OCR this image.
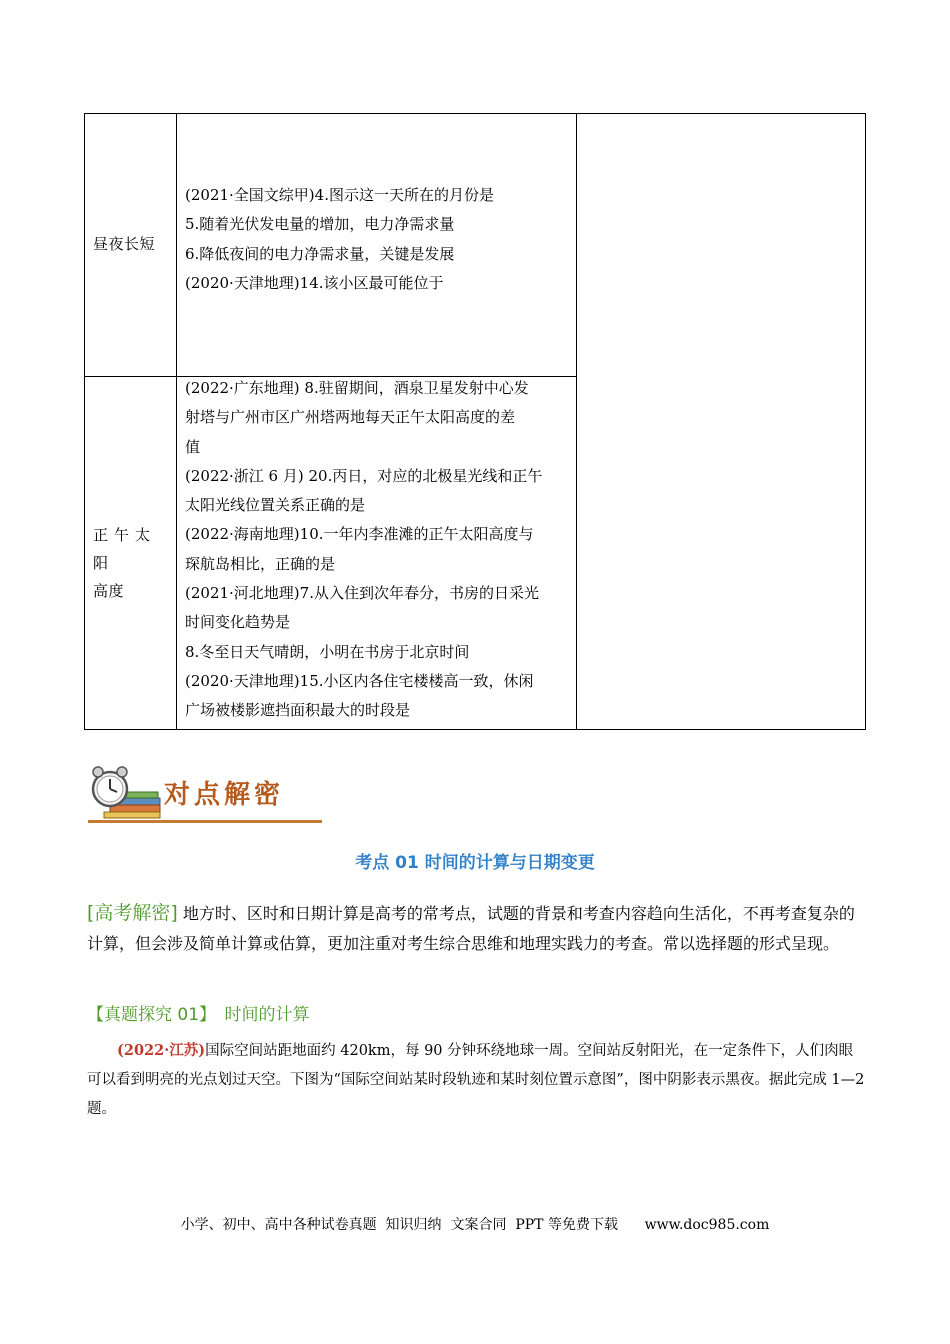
昼夜长短
(2021·全国文综甲)4.图示这一天所在的月份是
5.随着光伏发电量的增加，电力净需求量
6.降低夜间的电力净需求量，关键是发展
(2020·天津地理)14.该小区最可能位于
正午太阳
高度
(2022·广东地理) 8.驻留期间，酒泉卫星发射中心发
射塔与广州市区广州塔两地每天正午太阳高度的差
值
(2022·浙江 6 月) 20.丙日，对应的北极星光线和正午
太阳光线位置关系正确的是
(2022·海南地理)10.一年内李准滩的正午太阳高度与
琛航岛相比，正确的是
(2021·河北地理)7.从入住到次年春分，书房的日采光
时间变化趋势是
8.冬至日天气晴朗，小明在书房于北京时间
(2020·天津地理)15.小区内各住宅楼楼高一致，休闲
广场被楼影遮挡面积最大的时段是
对点解密
考点 01 时间的计算与日期变更
[高考解密] 地方时、区时和日期计算是高考的常考点，试题的背景和考查内容趋向生活化，不再考查复杂的计算，但会涉及简单计算或估算，更加注重对考生综合思维和地理实践力的考查。常以选择题的形式呈现。
【真题探究 01】　时间的计算
(2022·江苏)国际空间站距地面约 420km，每 90 分钟环绕地球一周。空间站反射阳光，在一定条件下，人们肉眼可以看到明亮的光点划过天空。下图为“国际空间站某时段轨迹和某时刻位置示意图”，图中阴影表示黑夜。据此完成 1—2 题。
小学、初中、高中各种试卷真题  知识归纳  文案合同  PPT 等免费下载      www.doc985.com
